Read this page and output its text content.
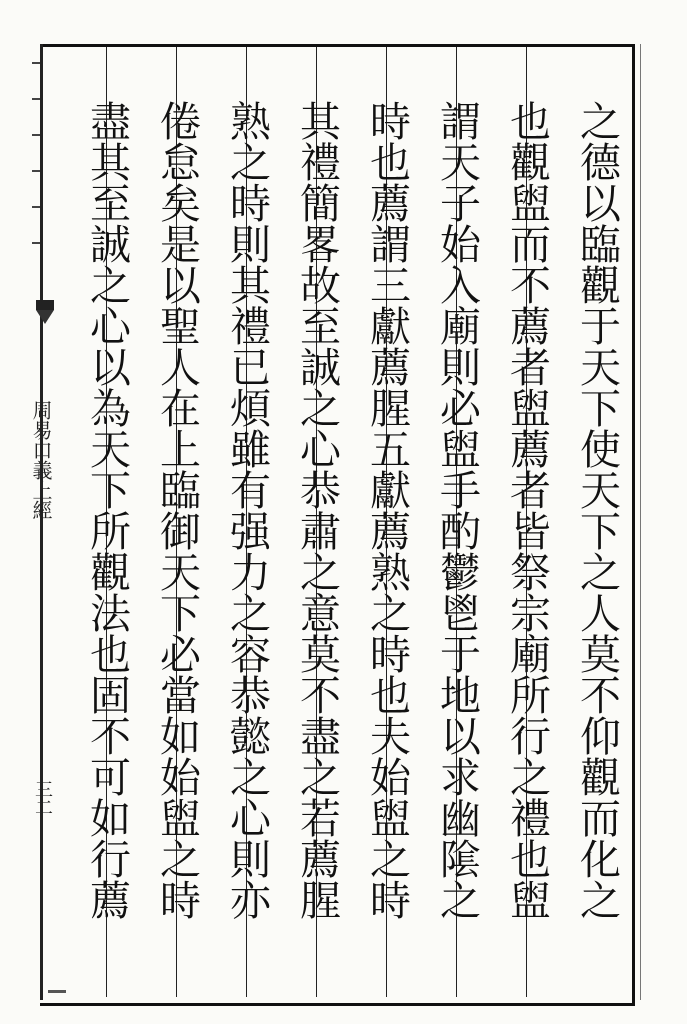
周易口義上經
三二	之德以臨觀于天下使天下之人莫不仰觀而化之
也觀盥而不薦者盥薦者皆祭宗廟所行之禮也盥
謂天子始入廟則必盥手酌鬱鬯于地以求幽隂之
時也薦謂三獻薦腥五獻薦熟之時也夫始盥之時
其禮簡畧故至誠之心恭肅之意莫不盡之若薦腥
熟之時則其禮已煩雖有强力之容恭懿之心則亦
倦怠矣是以聖人在上臨御天下必當如始盥之時
盡其至誠之心以為天下所觀法也固不可如行薦
